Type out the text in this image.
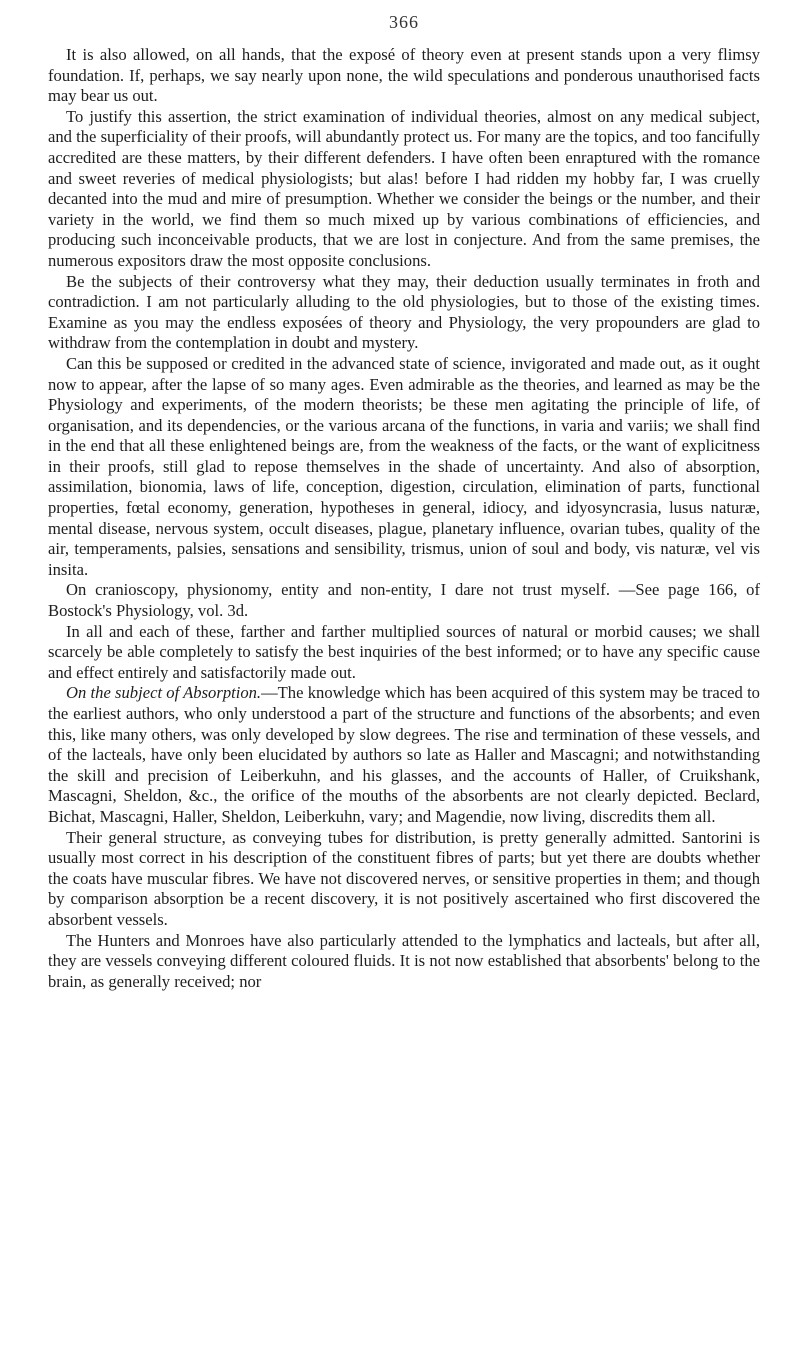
366

It is also allowed, on all hands, that the exposé of theory even at present stands upon a very flimsy foundation. If, perhaps, we say nearly upon none, the wild speculations and ponderous unauthorised facts may bear us out.

To justify this assertion, the strict examination of individual theories, almost on any medical subject, and the superficiality of their proofs, will abundantly protect us. For many are the topics, and too fancifully accredited are these matters, by their different defenders. I have often been enraptured with the romance and sweet reveries of medical physiologists; but alas! before I had ridden my hobby far, I was cruelly decanted into the mud and mire of presumption. Whether we consider the beings or the number, and their variety in the world, we find them so much mixed up by various combinations of efficiencies, and producing such inconceivable products, that we are lost in conjecture. And from the same premises, the numerous expositors draw the most opposite conclusions.

Be the subjects of their controversy what they may, their deduction usually terminates in froth and contradiction. I am not particularly alluding to the old physiologies, but to those of the existing times. Examine as you may the endless exposées of theory and Physiology, the very propounders are glad to withdraw from the contemplation in doubt and mystery.

Can this be supposed or credited in the advanced state of science, invigorated and made out, as it ought now to appear, after the lapse of so many ages. Even admirable as the theories, and learned as may be the Physiology and experiments, of the modern theorists; be these men agitating the principle of life, of organisation, and its dependencies, or the various arcana of the functions, in varia and variis; we shall find in the end that all these enlightened beings are, from the weakness of the facts, or the want of explicitness in their proofs, still glad to repose themselves in the shade of uncertainty. And also of absorption, assimilation, bionomia, laws of life, conception, digestion, circulation, elimination of parts, functional properties, fœtal economy, generation, hypotheses in general, idiocy, and idyosyncrasia, lusus naturæ, mental disease, nervous system, occult diseases, plague, planetary influence, ovarian tubes, quality of the air, temperaments, palsies, sensations and sensibility, trismus, union of soul and body, vis naturæ, vel vis insita.

On cranioscopy, physionomy, entity and non-entity, I dare not trust myself. —See page 166, of Bostock's Physiology, vol. 3d.

In all and each of these, farther and farther multiplied sources of natural or morbid causes; we shall scarcely be able completely to satisfy the best inquiries of the best informed; or to have any specific cause and effect entirely and satisfactorily made out.

On the subject of Absorption.—The knowledge which has been acquired of this system may be traced to the earliest authors, who only understood a part of the structure and functions of the absorbents; and even this, like many others, was only developed by slow degrees. The rise and termination of these vessels, and of the lacteals, have only been elucidated by authors so late as Haller and Mascagni; and notwithstanding the skill and precision of Leiberkuhn, and his glasses, and the accounts of Haller, of Cruikshank, Mascagni, Sheldon, &c., the orifice of the mouths of the absorbents are not clearly depicted. Beclard, Bichat, Mascagni, Haller, Sheldon, Leiberkuhn, vary; and Magendie, now living, discredits them all.

Their general structure, as conveying tubes for distribution, is pretty generally admitted. Santorini is usually most correct in his description of the constituent fibres of parts; but yet there are doubts whether the coats have muscular fibres. We have not discovered nerves, or sensitive properties in them; and though by comparison absorption be a recent discovery, it is not positively ascertained who first discovered the absorbent vessels.

The Hunters and Monroes have also particularly attended to the lymphatics and lacteals, but after all, they are vessels conveying different coloured fluids. It is not now established that absorbents' belong to the brain, as generally received; nor
